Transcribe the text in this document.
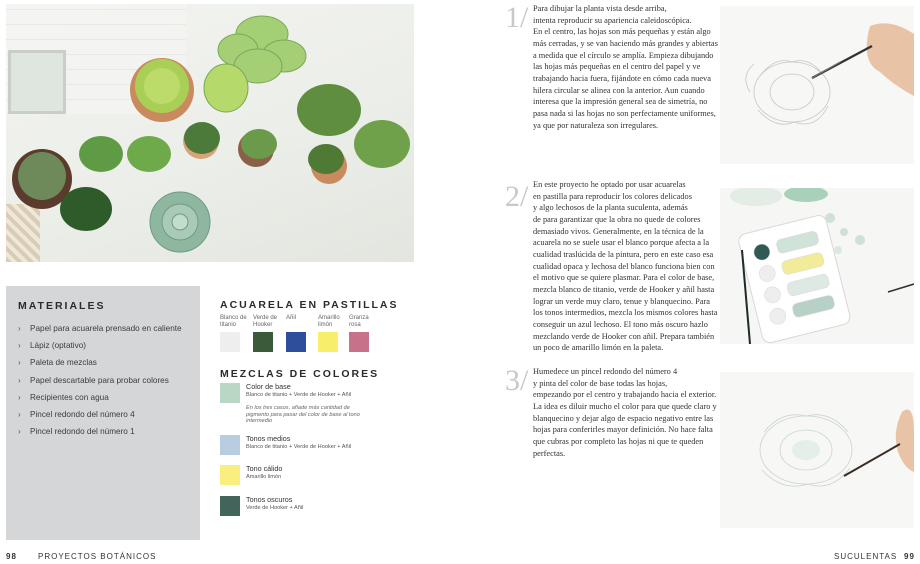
MATERIALES
› Papel para acuarela prensado en caliente
› Lápiz (optativo)
› Paleta de mezclas
› Papel descartable para probar colores
› Recipientes con agua
› Pincel redondo del número 4
› Pincel redondo del número 1
ACUARELA EN PASTILLAS
Blanco de titanio
Verde de Hooker
Añil	Amarillo limón
Granza rosa
MEZCLAS DE COLORES
Color de base
Blanco de titanio + Verde de Hooker + Añil
En los tres casos, añade más cantidad de pigmento para pasar del color de base al tono intermedio
Tonos medios
Blanco de titanio + Verde de Hooker + Añil
Tono cálido
Amarillo limón
Tonos oscuros
Verde de Hooker + Añil
98	PROYECTOS BOTÁNICOS
1/ Para dibujar la planta vista desde arriba,
intenta reproducir su apariencia caleidoscópica.
En el centro, las hojas son más pequeñas y están algo
más cerradas, y se van haciendo más grandes y abiertas
a medida que el círculo se amplía. Empieza dibujando
las hojas más pequeñas en el centro del papel y ve
trabajando hacia fuera, fijándote en cómo cada nueva
hilera circular se alinea con la anterior. Aun cuando
interesa que la impresión general sea de simetría, no
pasa nada si las hojas no son perfectamente uniformes,
ya que por naturaleza son irregulares.
2/ En este proyecto he optado por usar acuarelas
en pastilla para reproducir los colores delicados
y algo lechosos de la planta suculenta, además
de para garantizar que la obra no quede de colores
demasiado vivos. Generalmente, en la técnica de la
acuarela no se suele usar el blanco porque afecta a la
cualidad traslúcida de la pintura, pero en este caso esa
cualidad opaca y lechosa del blanco funciona bien con
el motivo que se quiere plasmar. Para el color de base,
mezcla blanco de titanio, verde de Hooker y añil hasta
lograr un verde muy claro, tenue y blanquecino. Para
los tonos intermedios, mezcla los mismos colores hasta
conseguir un azul lechoso. El tono más oscuro hazlo
mezclando verde de Hooker con añil. Prepara también
un poco de amarillo limón en la paleta.
3/ Humedece un pincel redondo del número 4
y pinta del color de base todas las hojas,
empezando por el centro y trabajando hacia el exterior.
La idea es diluir mucho el color para que quede claro y
blanquecino y dejar algo de espacio negativo entre las
hojas para conferirles mayor definición. No hace falta
que cubras por completo las hojas ni que te queden
perfectas.
SUCULENTAS 99
